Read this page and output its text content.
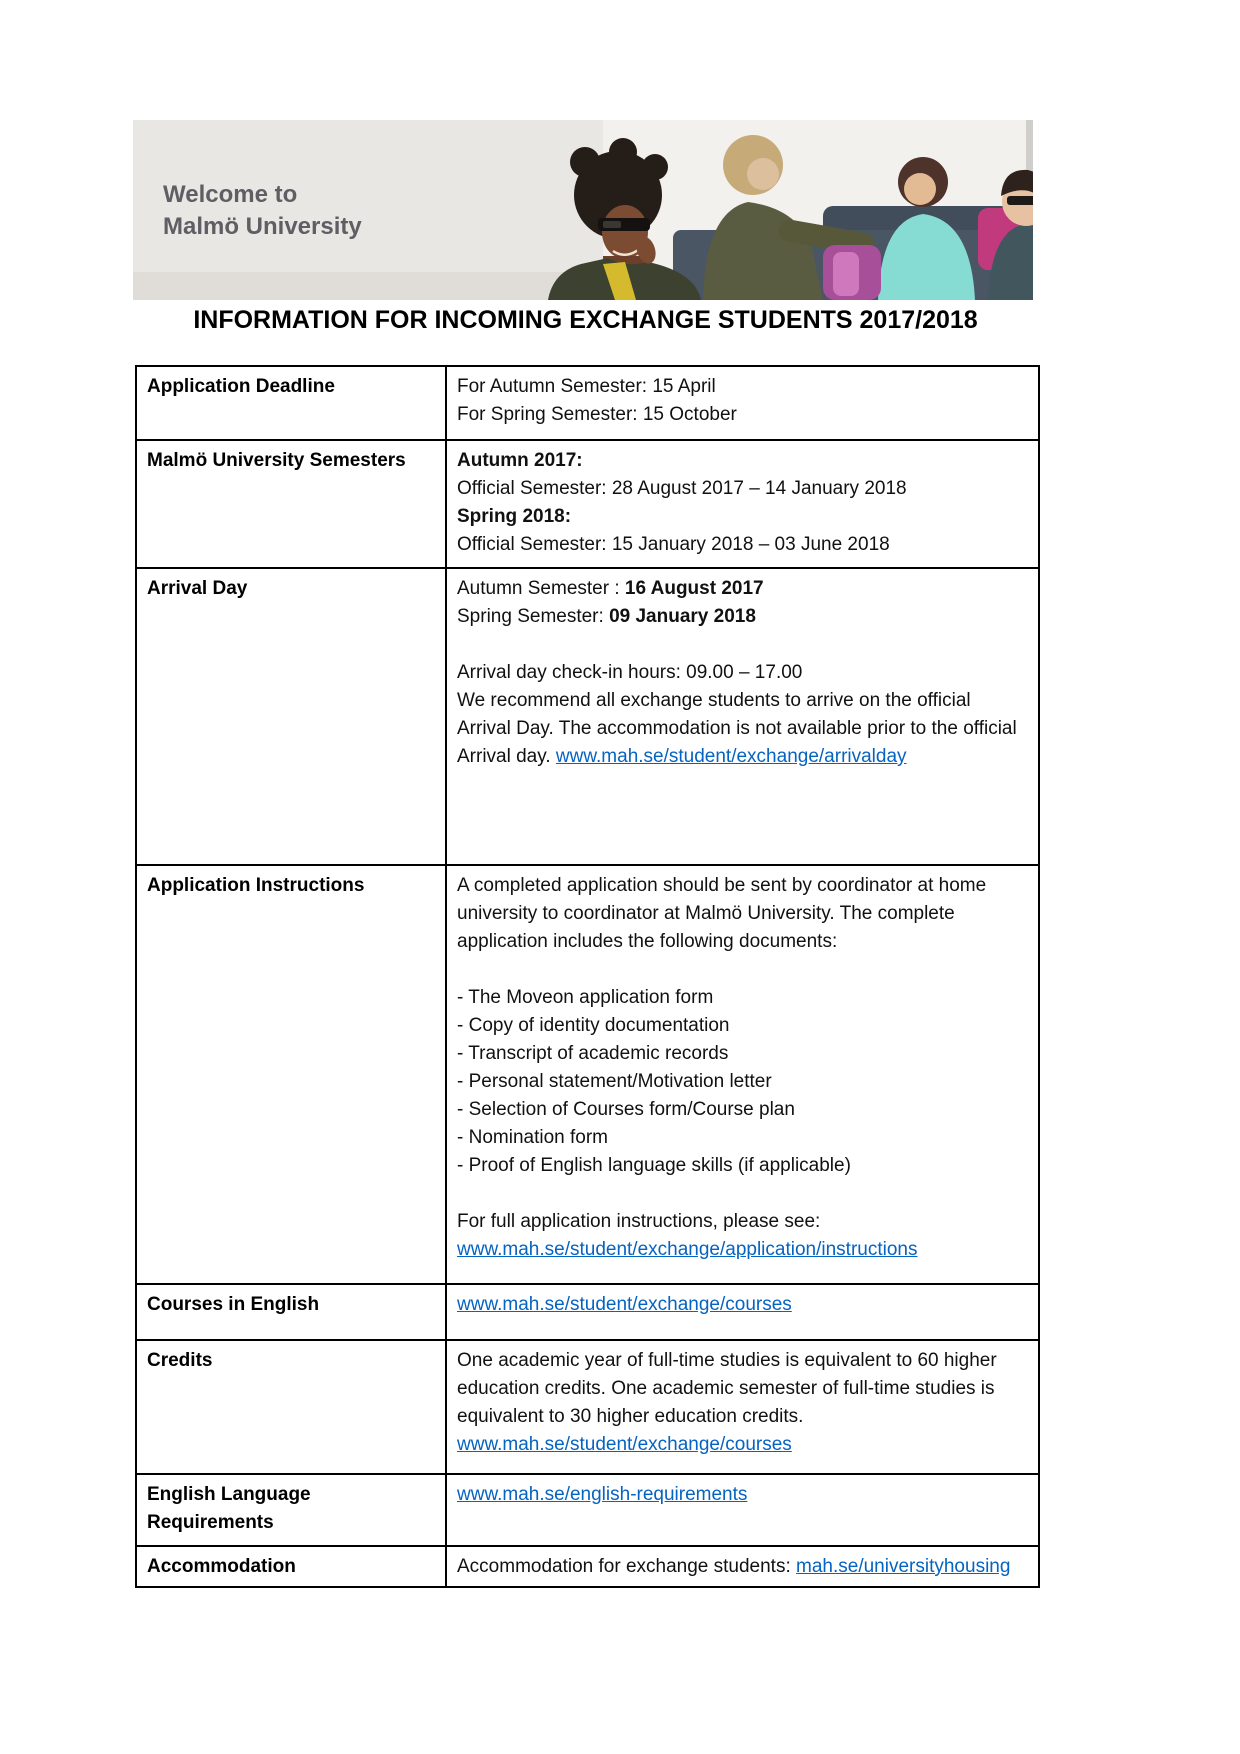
Welcome to
Malmö University
INFORMATION FOR INCOMING EXCHANGE STUDENTS 2017/2018
Application Deadline	For Autumn Semester: 15 April
For Spring Semester: 15 October

Malmö University Semesters	Autumn 2017:
Official Semester: 28 August 2017 – 14 January 2018
Spring 2018:
Official Semester: 15 January 2018 – 03 June 2018

Arrival Day	Autumn Semester : 16 August 2017
Spring Semester: 09 January 2018

Arrival day check-in hours: 09.00 – 17.00
We recommend all exchange students to arrive on the official Arrival Day. The accommodation is not available prior to the official Arrival day. www.mah.se/student/exchange/arrivalday

Application Instructions	A completed application should be sent by coordinator at home university to coordinator at Malmö University. The complete application includes the following documents:

- The Moveon application form
- Copy of identity documentation
- Transcript of academic records
- Personal statement/Motivation letter
- Selection of Courses form/Course plan
- Nomination form
- Proof of English language skills (if applicable)

For full application instructions, please see:
www.mah.se/student/exchange/application/instructions

Courses in English	www.mah.se/student/exchange/courses

Credits	One academic year of full-time studies is equivalent to 60 higher education credits. One academic semester of full-time studies is equivalent to 30 higher education credits.
www.mah.se/student/exchange/courses

English Language Requirements	www.mah.se/english-requirements

Accommodation	Accommodation for exchange students: mah.se/universityhousing
